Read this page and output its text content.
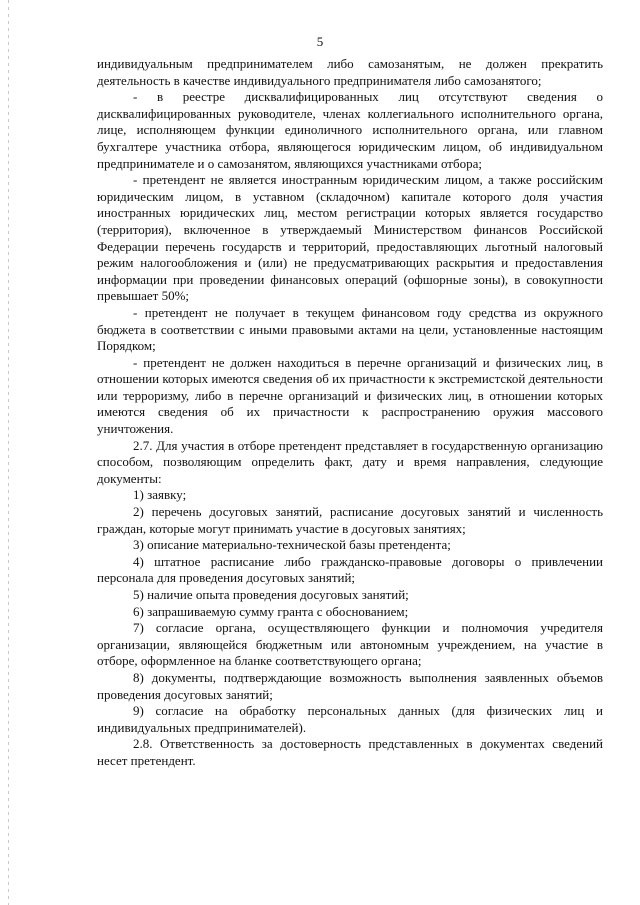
5

индивидуальным предпринимателем либо самозанятым, не должен прекратить деятельность в качестве индивидуального предпринимателя либо самозанятого;

- в реестре дисквалифицированных лиц отсутствуют сведения о дисквалифицированных руководителе, членах коллегиального исполнительного органа, лице, исполняющем функции единоличного исполнительного органа, или главном бухгалтере участника отбора, являющегося юридическим лицом, об индивидуальном предпринимателе и о самозанятом, являющихся участниками отбора;

- претендент не является иностранным юридическим лицом, а также российским юридическим лицом, в уставном (складочном) капитале которого доля участия иностранных юридических лиц, местом регистрации которых является государство (территория), включенное в утверждаемый Министерством финансов Российской Федерации перечень государств и территорий, предоставляющих льготный налоговый режим налогообложения и (или) не предусматривающих раскрытия и предоставления информации при проведении финансовых операций (офшорные зоны), в совокупности превышает 50%;

- претендент не получает в текущем финансовом году средства из окружного бюджета в соответствии с иными правовыми актами на цели, установленные настоящим Порядком;

- претендент не должен находиться в перечне организаций и физических лиц, в отношении которых имеются сведения об их причастности к экстремистской деятельности или терроризму, либо в перечне организаций и физических лиц, в отношении которых имеются сведения об их причастности к распространению оружия массового уничтожения.

2.7. Для участия в отборе претендент представляет в государственную организацию способом, позволяющим определить факт, дату и время направления, следующие документы:

1) заявку;

2) перечень досуговых занятий, расписание досуговых занятий и численность граждан, которые могут принимать участие в досуговых занятиях;

3) описание материально-технической базы претендента;

4) штатное расписание либо гражданско-правовые договоры о привлечении персонала для проведения досуговых занятий;

5) наличие опыта проведения досуговых занятий;

6) запрашиваемую сумму гранта с обоснованием;

7) согласие органа, осуществляющего функции и полномочия учредителя организации, являющейся бюджетным или автономным учреждением, на участие в отборе, оформленное на бланке соответствующего органа;

8) документы, подтверждающие возможность выполнения заявленных объемов проведения досуговых занятий;

9) согласие на обработку персональных данных (для физических лиц и индивидуальных предпринимателей).

2.8. Ответственность за достоверность представленных в документах сведений несет претендент.
